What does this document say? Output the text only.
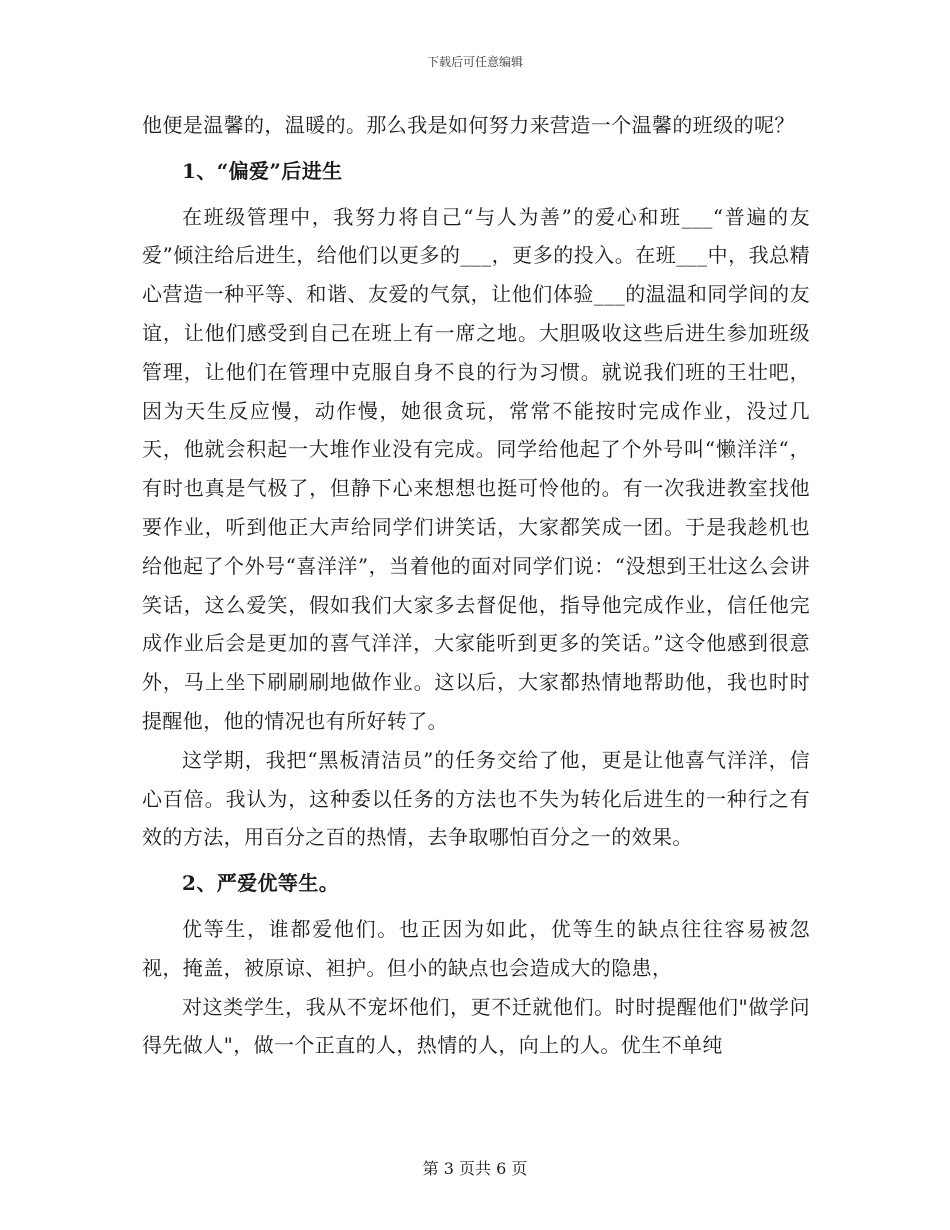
下载后可任意编辑

他便是温馨的，温暖的。那么我是如何努力来营造一个温馨的班级的呢？

1、“偏爱”后进生

在班级管理中，我努力将自己“与人为善”的爱心和班___“普遍的友爱”倾注给后进生，给他们以更多的___，更多的投入。在班___中，我总精心营造一种平等、和谐、友爱的气氛，让他们体验___的温温和同学间的友谊，让他们感受到自己在班上有一席之地。大胆吸收这些后进生参加班级管理，让他们在管理中克服自身不良的行为习惯。就说我们班的王壮吧，因为天生反应慢，动作慢，她很贪玩，常常不能按时完成作业，没过几天，他就会积起一大堆作业没有完成。同学给他起了个外号叫“懒洋洋“，有时也真是气极了，但静下心来想想也挺可怜他的。有一次我进教室找他要作业，听到他正大声给同学们讲笑话，大家都笑成一团。于是我趁机也给他起了个外号“喜洋洋”，当着他的面对同学们说：“没想到王壮这么会讲笑话，这么爱笑，假如我们大家多去督促他，指导他完成作业，信任他完成作业后会是更加的喜气洋洋，大家能听到更多的笑话。”这令他感到很意外，马上坐下刷刷刷地做作业。这以后，大家都热情地帮助他，我也时时提醒他，他的情况也有所好转了。

这学期，我把“黑板清洁员”的任务交给了他，更是让他喜气洋洋，信心百倍。我认为，这种委以任务的方法也不失为转化后进生的一种行之有效的方法，用百分之百的热情，去争取哪怕百分之一的效果。

2、严爱优等生。

优等生，谁都爱他们。也正因为如此，优等生的缺点往往容易被忽视，掩盖，被原谅、袒护。但小的缺点也会造成大的隐患，

对这类学生，我从不宠坏他们，更不迁就他们。时时提醒他们"做学问得先做人"，做一个正直的人，热情的人，向上的人。优生不单纯

第 3 页共 6 页
